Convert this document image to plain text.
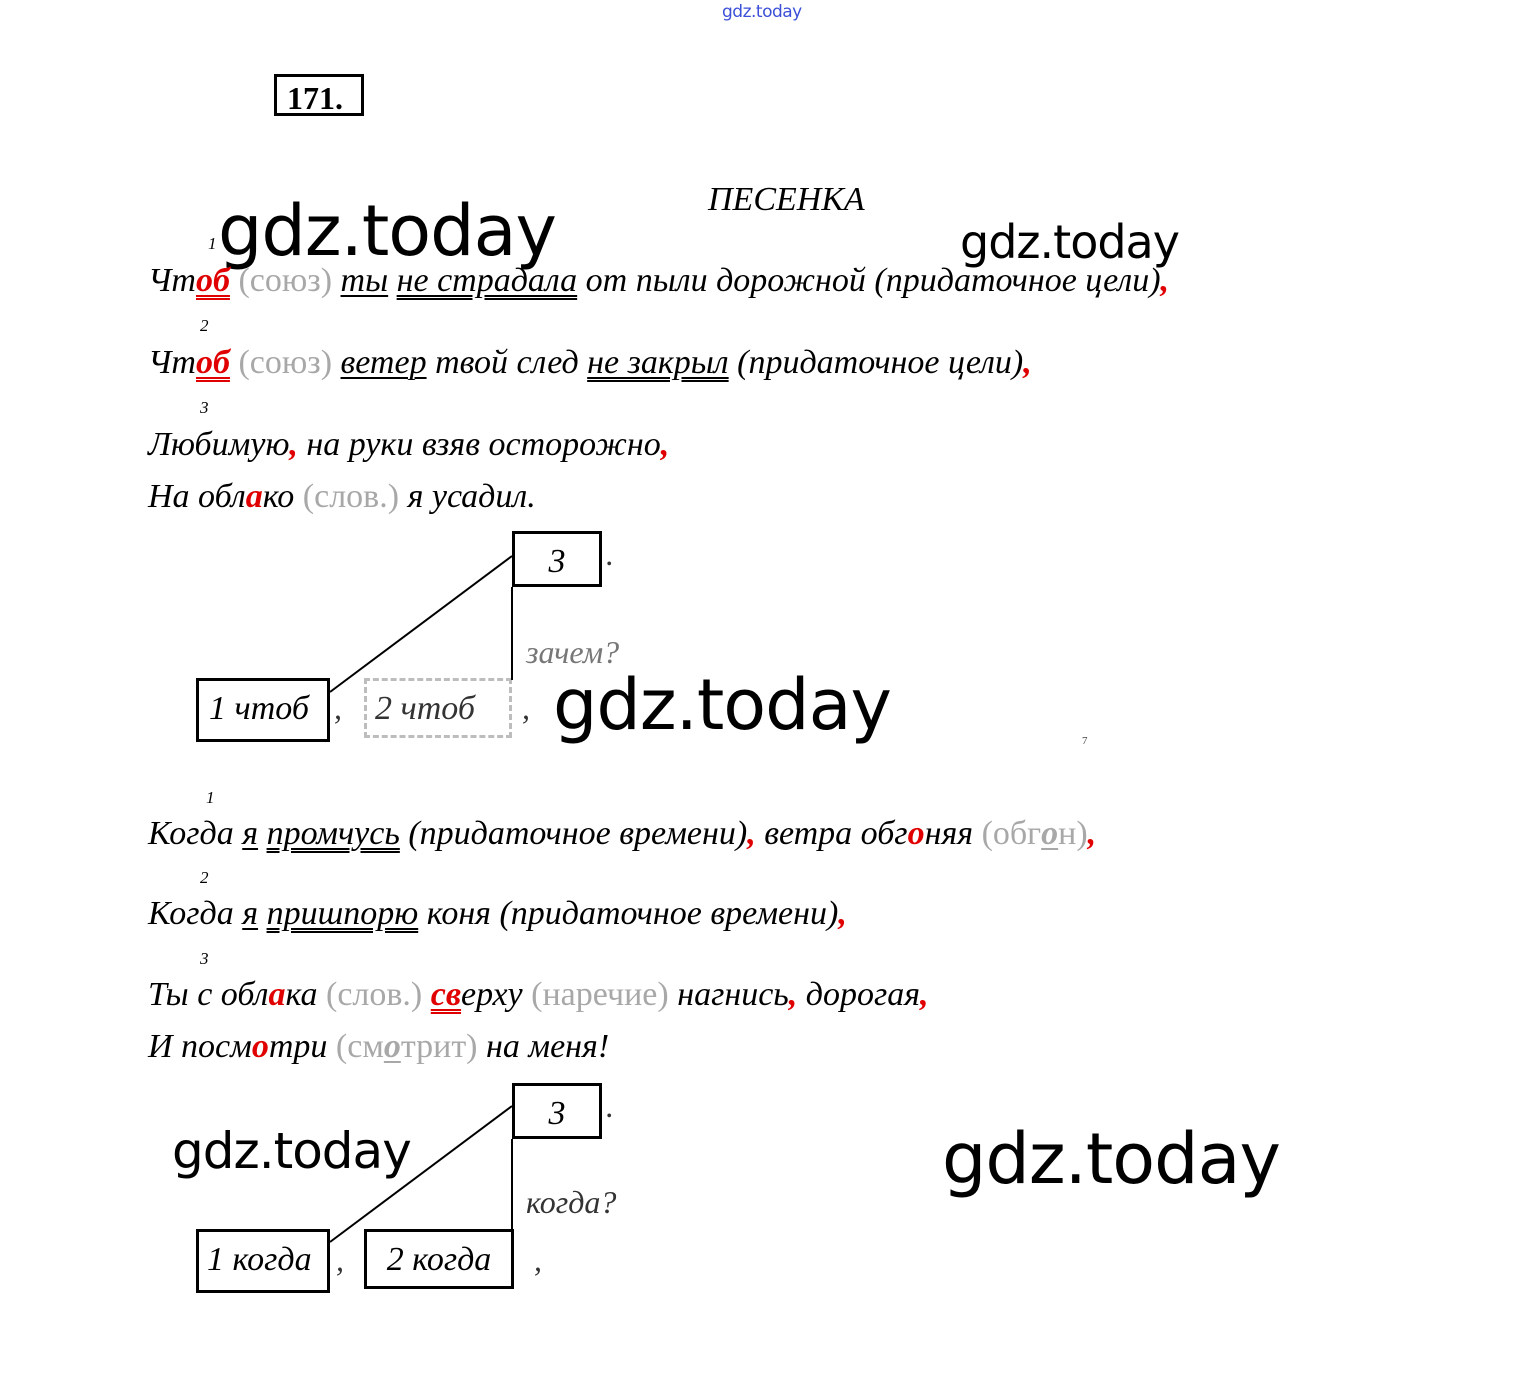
gdz.today
171.
ПЕСЕНКА
gdz.today	gdz.today
gdz.today
gdz.today	gdz.today
1
Чтоб (союз) ты не страдала от пыли дорожной (придаточное цели),
2
Чтоб (союз) ветер твой след не закрыл (придаточное цели),
3
Любимую, на руки взяв осторожно,
На облако (слов.) я усадил.
3	.
зачем?
1 чтоб , 2 чтоб	,
7
1
Когда я промчусь (придаточное времени), ветра обгоняя (обгон),
2
Когда я пришпорю коня (придаточное времени),
3
Ты с облака (слов.) сверху (наречие) нагнись, дорогая,
И посмотри (смотрит) на меня!
3	.
когда?
1 когда ,	2 когда	,
